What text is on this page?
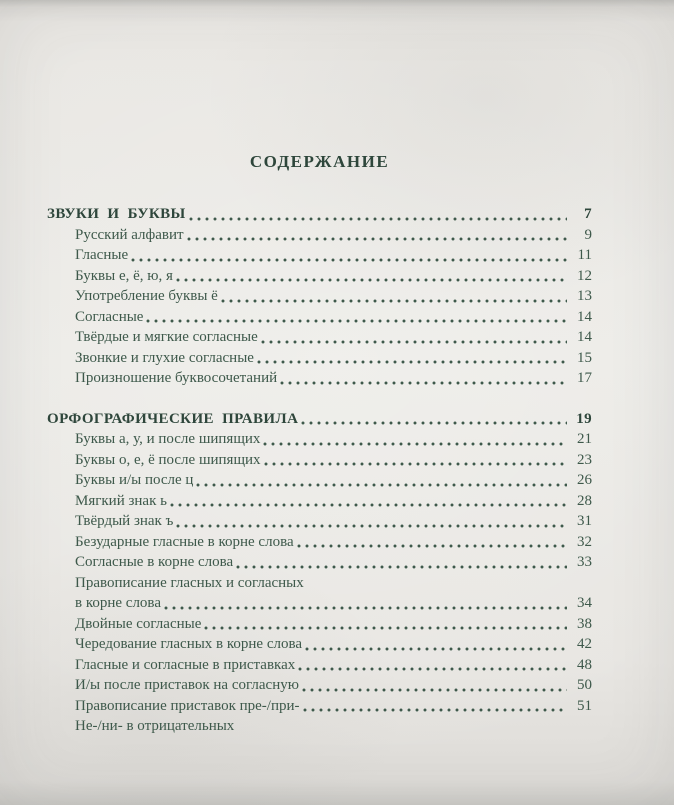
СОДЕРЖАНИЕ
ЗВУКИ И БУКВЫ	7
Русский алфавит	9
Гласные	11
Буквы е, ё, ю, я	12
Употребление буквы ё	13
Согласные	14
Твёрдые и мягкие согласные	14
Звонкие и глухие согласные	15
Произношение буквосочетаний	17
ОРФОГРАФИЧЕСКИЕ ПРАВИЛА	19
Буквы а, у, и после шипящих	21
Буквы о, е, ё после шипящих	23
Буквы и/ы после ц	26
Мягкий знак ь	28
Твёрдый знак ъ	31
Безударные гласные в корне слова	32
Согласные в корне слова	33
Правописание гласных и согласных
в корне слова	34
Двойные согласные	38
Чередование гласных в корне слова	42
Гласные и согласные в приставках	48
И/ы после приставок на согласную	50
Правописание приставок пре-/при-	51
Не-/ни- в отрицательных
